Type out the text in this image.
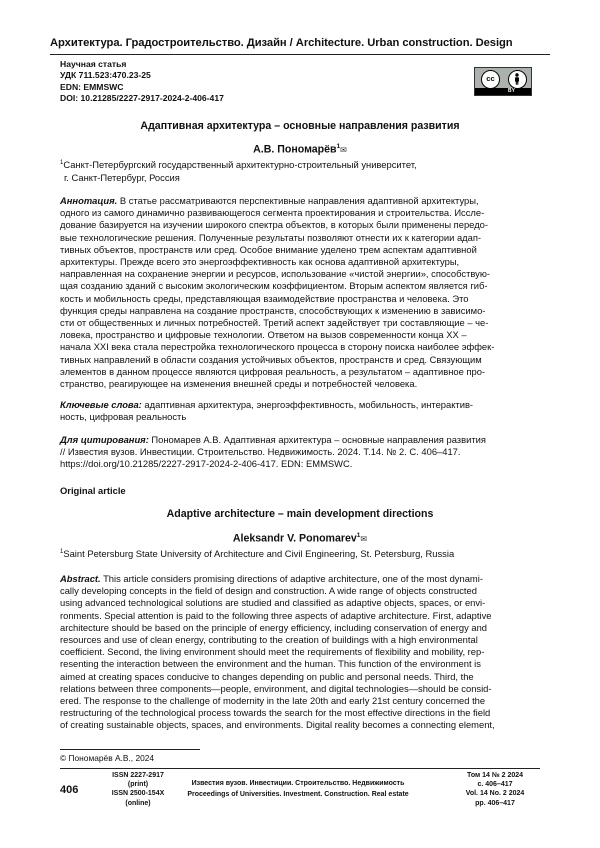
Архитектура. Градостроительство. Дизайн / Architecture. Urban construction. Design
Научная статья
УДК 711.523:470.23-25
EDN: EMMSWC
DOI: 10.21285/2227-2917-2024-2-406-417
cc
BY
Адаптивная архитектура – основные направления развития
А.В. Пономарёв$^1$✉
$^1$Санкт-Петербургский государственный архитектурно-строительный университет,
г. Санкт-Петербург, Россия
Аннотация. В статье рассматриваются перспективные направления адаптивной архитектуры,
одного из самого динамично развивающегося сегмента проектирования и строительства. Иссле-
дование базируется на изучении широкого спектра объектов, в которых были применены передо-
вые технологические решения. Полученные результаты позволяют отнести их к категории адап-
тивных объектов, пространств или сред. Особое внимание уделено трем аспектам адаптивной
архитектуры. Прежде всего это энергоэффективность как основа адаптивной архитектуры,
направленная на сохранение энергии и ресурсов, использование «чистой энергии», способствую-
щая созданию зданий с высоким экологическим коэффициентом. Вторым аспектом является гиб-
кость и мобильность среды, представляющая взаимодействие пространства и человека. Это
функция среды направлена на создание пространств, способствующих к изменению в зависимо-
сти от общественных и личных потребностей. Третий аспект задействует три составляющие – че-
ловека, пространство и цифровые технологии. Ответом на вызов современности конца XX –
начала XXI века стала перестройка технологического процесса в сторону поиска наиболее эффек-
тивных направлений в области создания устойчивых объектов, пространств и сред. Связующим
элементов в данном процессе являются цифровая реальность, а результатом – адаптивное про-
странство, реагирующее на изменения внешней среды и потребностей человека.
Ключевые слова: адаптивная архитектура, энергоэффективность, мобильность, интерактив-
ность, цифровая реальность
Для цитирования: Пономарев А.В. Адаптивная архитектура – основные направления развития
// Известия вузов. Инвестиции. Строительство. Недвижимость. 2024. Т.14. № 2. С. 406–417.
https://doi.org/10.21285/2227-2917-2024-2-406-417. EDN: EMMSWC.
Original article
Adaptive architecture – main development directions
Aleksandr V. Ponomarev$^1$✉
$^1$Saint Petersburg State University of Architecture and Civil Engineering, St. Petersburg, Russia
Abstract. This article considers promising directions of adaptive architecture, one of the most dynami-
cally developing concepts in the field of design and construction. A wide range of objects constructed
using advanced technological solutions are studied and classified as adaptive objects, spaces, or envi-
ronments. Special attention is paid to the following three aspects of adaptive architecture. First, adaptive
architecture should be based on the principle of energy efficiency, including conservation of energy and
resources and use of clean energy, contributing to the creation of buildings with a high environmental
coefficient. Second, the living environment should meet the requirements of flexibility and mobility, rep-
resenting the interaction between the environment and the human. This function of the environment is
aimed at creating spaces conducive to changes depending on public and personal needs. Third, the
relations between three components—people, environment, and digital technologies—should be consid-
ered. The response to the challenge of modernity in the late 20th and early 21st century concerned the
restructuring of the technological process towards the search for the most effective directions in the field
of creating sustainable objects, spaces, and environments. Digital reality becomes a connecting element,
© Пономарёв А.В., 2024
406
ISSN 2227-2917
(print)
ISSN 2500-154X
(online)
Известия вузов. Инвестиции. Строительство. Недвижимость
Proceedings of Universities. Investment. Construction. Real estate
Том 14 № 2 2024
с. 406–417
Vol. 14 No. 2 2024
pp. 406–417
